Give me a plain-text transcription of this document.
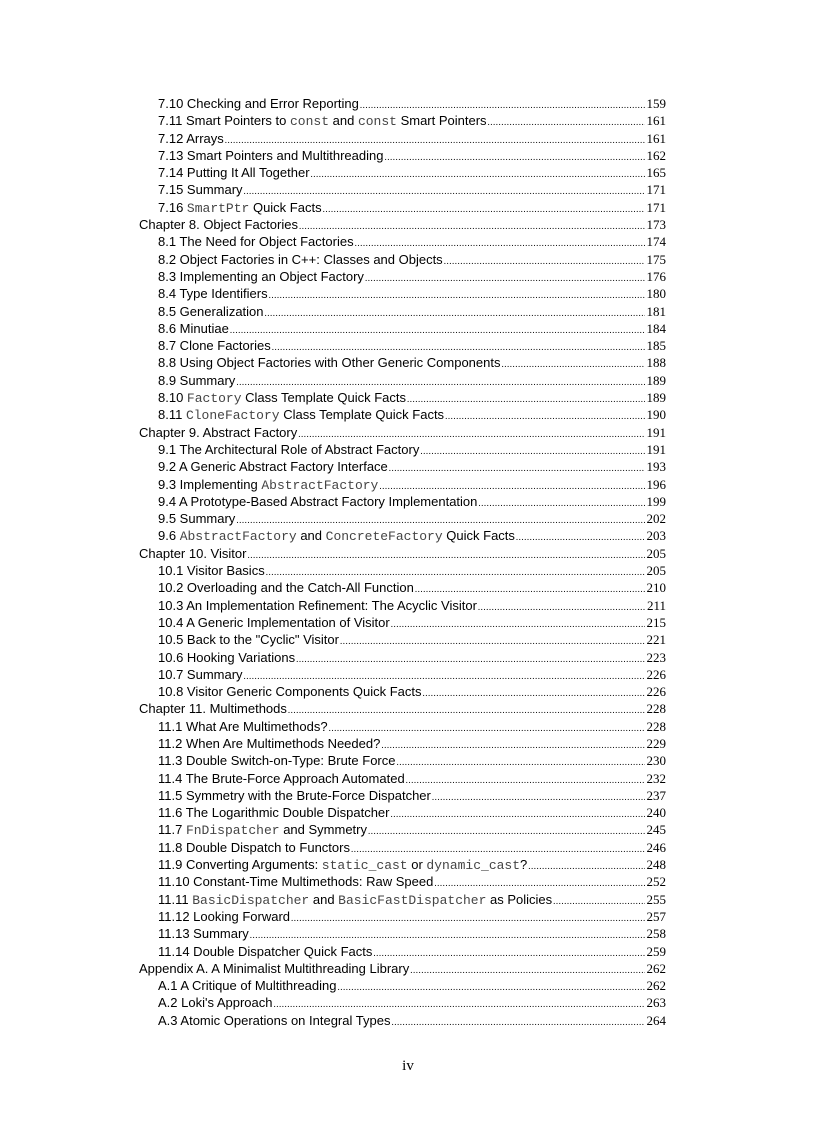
7.10 Checking and Error Reporting .....	159
7.11 Smart Pointers to const and const Smart Pointers .....	161
7.12 Arrays .....	161
7.13 Smart Pointers and Multithreading .....	162
7.14 Putting It All Together .....	165
7.15 Summary .....	171
7.16 SmartPtr Quick Facts .....	171
Chapter 8. Object Factories .....	173
8.1 The Need for Object Factories .....	174
8.2 Object Factories in C++: Classes and Objects .....	175
8.3 Implementing an Object Factory .....	176
8.4 Type Identifiers .....	180
8.5 Generalization .....	181
8.6 Minutiae .....	184
8.7 Clone Factories .....	185
8.8 Using Object Factories with Other Generic Components .....	188
8.9 Summary .....	189
8.10 Factory Class Template Quick Facts .....	189
8.11 CloneFactory Class Template Quick Facts .....	190
Chapter 9. Abstract Factory .....	191
9.1 The Architectural Role of Abstract Factory .....	191
9.2 A Generic Abstract Factory Interface .....	193
9.3 Implementing AbstractFactory .....	196
9.4 A Prototype-Based Abstract Factory Implementation .....	199
9.5 Summary .....	202
9.6 AbstractFactory and ConcreteFactory Quick Facts .....	203
Chapter 10. Visitor .....	205
10.1 Visitor Basics .....	205
10.2 Overloading and the Catch-All Function .....	210
10.3 An Implementation Refinement: The Acyclic Visitor .....	211
10.4 A Generic Implementation of Visitor .....	215
10.5 Back to the "Cyclic" Visitor .....	221
10.6 Hooking Variations .....	223
10.7 Summary .....	226
10.8 Visitor Generic Components Quick Facts .....	226
Chapter 11. Multimethods .....	228
11.1 What Are Multimethods? .....	228
11.2 When Are Multimethods Needed? .....	229
11.3 Double Switch-on-Type: Brute Force .....	230
11.4 The Brute-Force Approach Automated .....	232
11.5 Symmetry with the Brute-Force Dispatcher .....	237
11.6 The Logarithmic Double Dispatcher .....	240
11.7 FnDispatcher and Symmetry .....	245
11.8 Double Dispatch to Functors .....	246
11.9 Converting Arguments: static_cast or dynamic_cast? .....	248
11.10 Constant-Time Multimethods: Raw Speed .....	252
11.11 BasicDispatcher and BasicFastDispatcher as Policies .....	255
11.12 Looking Forward .....	257
11.13 Summary .....	258
11.14 Double Dispatcher Quick Facts .....	259
Appendix A. A Minimalist Multithreading Library .....	262
A.1 A Critique of Multithreading .....	262
A.2 Loki's Approach .....	263
A.3 Atomic Operations on Integral Types .....	264
iv
